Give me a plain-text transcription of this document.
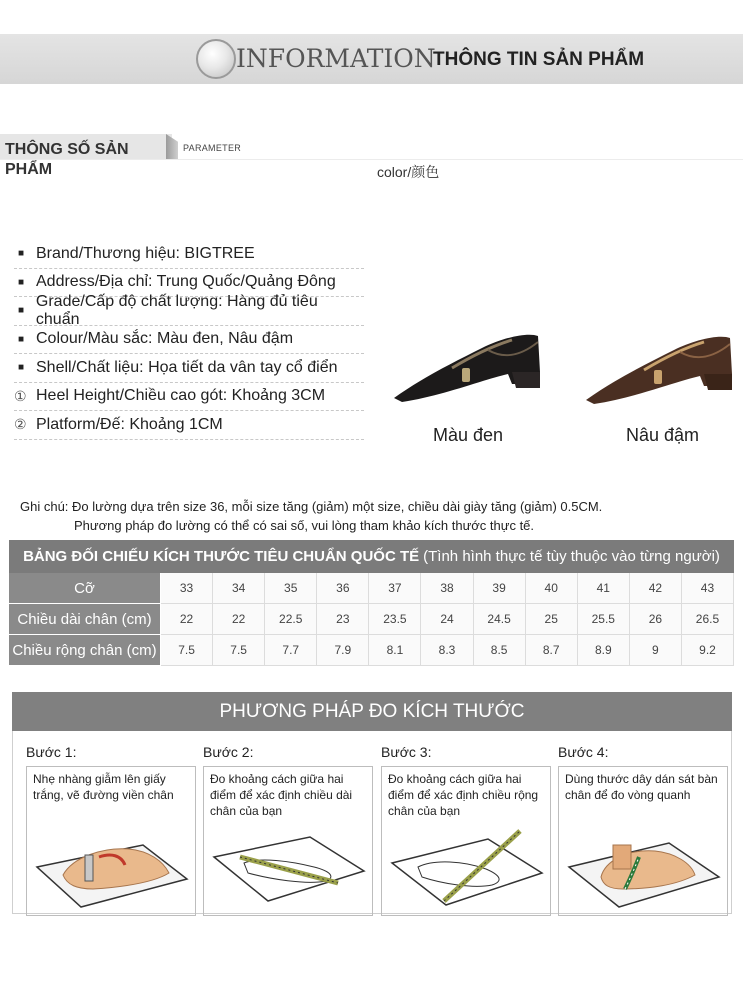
INFORMATION
THÔNG TIN SẢN PHẨM
THÔNG SỐ SẢN PHẨM
PARAMETER
color/颜色
■ Brand/Thương hiệu: BIGTREE
■ Address/Địa chỉ: Trung Quốc/Quảng Đông
■
Grade/Cấp độ chất lượng: Hàng đủ tiêu chuẩn
■ Colour/Màu sắc: Màu đen, Nâu đậm
■ Shell/Chất liệu: Họa tiết da vân tay cổ điển
① Heel Height/Chiều cao gót: Khoảng 3CM
② Platform/Đế: Khoảng 1CM
Màu đen	Nâu đậm
Ghi chú: Đo lường dựa trên size 36, mỗi size tăng (giảm) một size, chiều dài giày tăng (giảm) 0.5CM.
Phương pháp đo lường có thể có sai số, vui lòng tham khảo kích thước thực tế.
BẢNG ĐỐI CHIẾU KÍCH THƯỚC TIÊU CHUẨN QUỐC TẾ (Tình hình thực tế tùy thuộc vào từng người)
Cỡ	33	34	35	36	37	38	39	40	41	42	43
Chiều dài chân (cm)	22	22	22.5	23	23.5	24	24.5	25	25.5	26	26.5
Chiều rộng chân (cm)	7.5	7.5	7.7	7.9	8.1	8.3	8.5	8.7	8.9	9	9.2
PHƯƠNG PHÁP ĐO KÍCH THƯỚC
Bước 1:
Nhẹ nhàng giẫm lên giấy trắng, vẽ đường viền chân
Bước 2:
Đo khoảng cách giữa hai điểm để xác định chiều dài chân của bạn
Bước 3:
Đo khoảng cách giữa hai điểm để xác định chiều rộng chân của bạn
Bước 4:
Dùng thước dây dán sát bàn chân để đo vòng quanh
